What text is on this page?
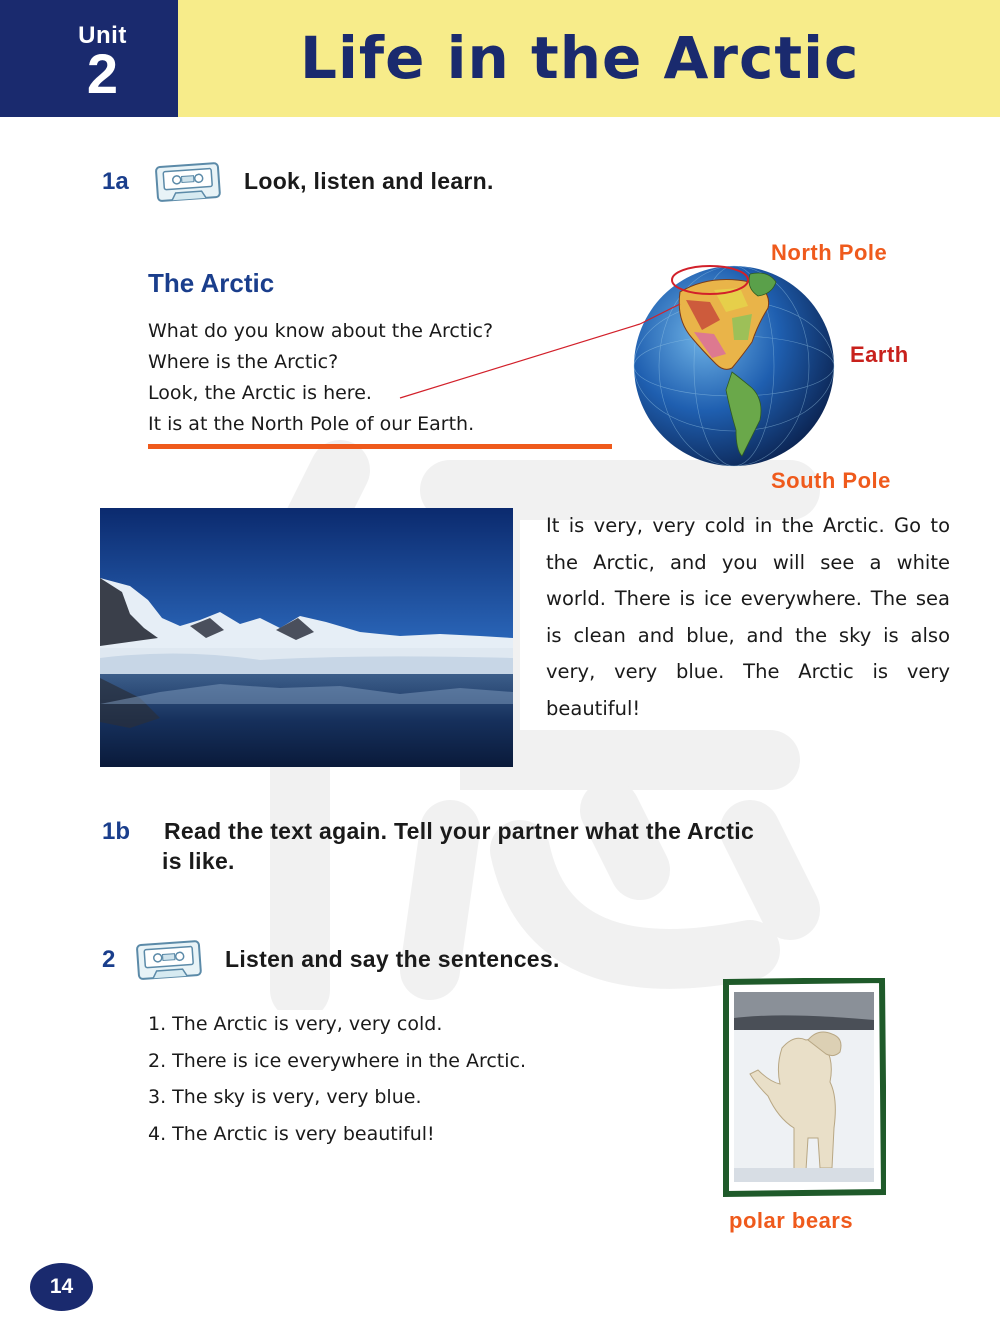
Unit
2	Life in the Arctic
1a	Look, listen and learn.
The Arctic
What do you know about the Arctic?
Where is the Arctic?
Look, the Arctic is here.
It is at the North Pole of our Earth.
North Pole
Earth
South Pole
It is very, very cold in the Arctic. Go to the Arctic, and you will see a white world. There is ice everywhere. The sea is clean and blue, and the sky is also very, very blue. The Arctic is very beautiful!
1b Read the text again. Tell your partner what the Arctic
is like.
2	Listen and say the sentences.
1. The Arctic is very, very cold.
2. There is ice everywhere in the Arctic.
3. The sky is very, very blue.
4. The Arctic is very beautiful!
polar bears
14
